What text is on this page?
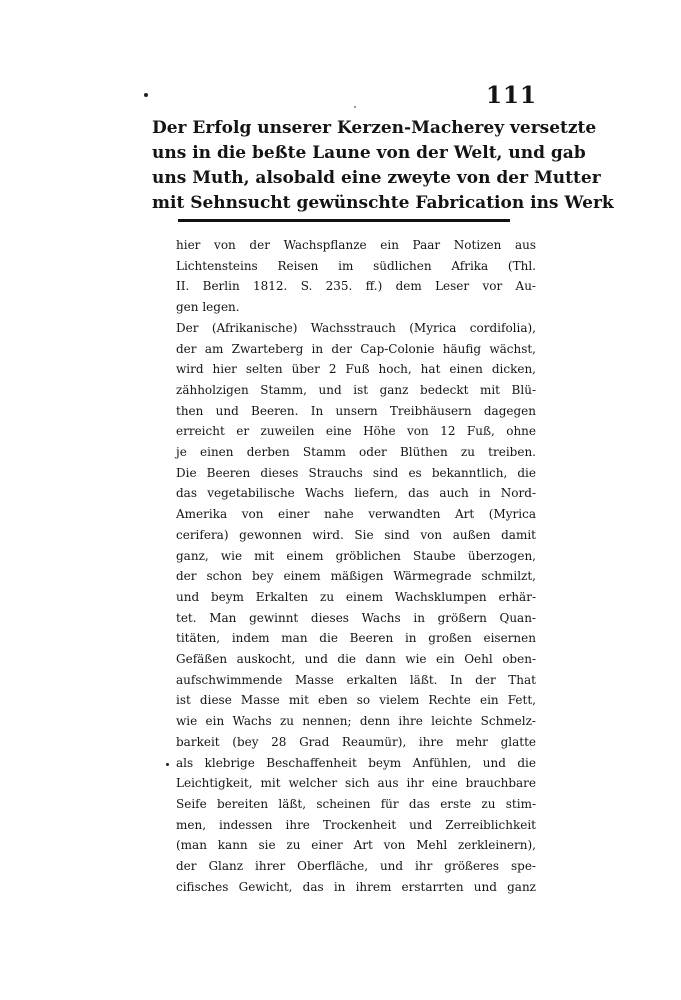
111
Der Erfolg unserer Kerzen-Macherey versetzte
uns in die beßte Laune von der Welt, und gab
uns Muth, alsobald eine zweyte von der Mutter
mit Sehnsucht gewünschte Fabrication ins Werk
hier von der Wachspflanze ein Paar Notizen aus
Lichtensteins Reisen im südlichen Afrika (Thl.
II. Berlin 1812. S. 235. ff.) dem Leser vor Au-
gen legen.
Der (Afrikanische) Wachsstrauch (Myrica cordifolia),
der am Zwarteberg in der Cap-Colonie häufig wächst,
wird hier selten über 2 Fuß hoch, hat einen dicken,
zähholzigen Stamm, und ist ganz bedeckt mit Blü-
then und Beeren. In unsern Treibhäusern dagegen
erreicht er zuweilen eine Höhe von 12 Fuß, ohne
je einen derben Stamm oder Blüthen zu treiben.
Die Beeren dieses Strauchs sind es bekanntlich, die
das vegetabilische Wachs liefern, das auch in Nord-
Amerika von einer nahe verwandten Art (Myrica
cerifera) gewonnen wird. Sie sind von außen damit
ganz, wie mit einem gröblichen Staube überzogen,
der schon bey einem mäßigen Wärmegrade schmilzt,
und beym Erkalten zu einem Wachsklumpen erhär-
tet. Man gewinnt dieses Wachs in größern Quan-
titäten, indem man die Beeren in großen eisernen
Gefäßen auskocht, und die dann wie ein Oehl oben-
aufschwimmende Masse erkalten läßt. In der That
ist diese Masse mit eben so vielem Rechte ein Fett,
wie ein Wachs zu nennen; denn ihre leichte Schmelz-
barkeit (bey 28 Grad Reaumür), ihre mehr glatte
als klebrige Beschaffenheit beym Anfühlen, und die
Leichtigkeit, mit welcher sich aus ihr eine brauchbare
Seife bereiten läßt, scheinen für das erste zu stim-
men, indessen ihre Trockenheit und Zerreiblichkeit
(man kann sie zu einer Art von Mehl zerkleinern),
der Glanz ihrer Oberfläche, und ihr größeres spe-
cifisches Gewicht, das in ihrem erstarrten und ganz
